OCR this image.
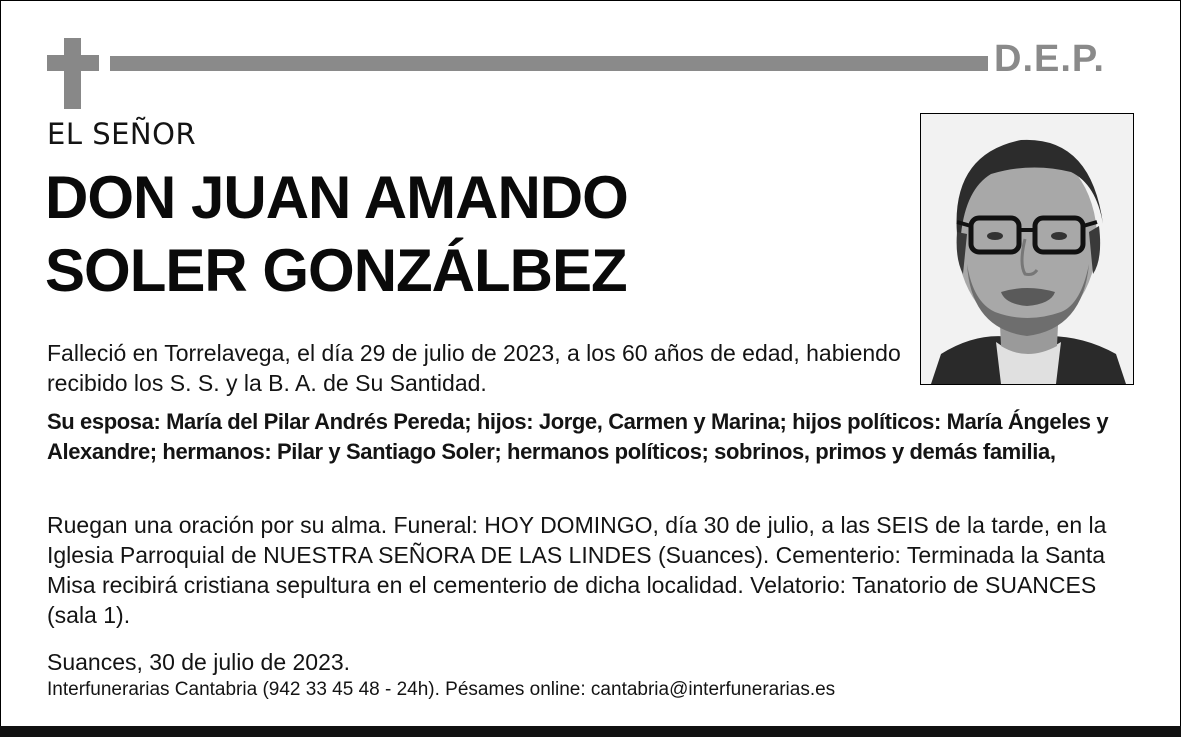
D.E.P.
EL SEÑOR
DON JUAN AMANDO
SOLER GONZÁLBEZ
Falleció en Torrelavega, el día 29 de julio de 2023, a los 60 años de edad, habiendo recibido los S. S. y la B. A. de Su Santidad.
Su esposa: María del Pilar Andrés Pereda; hijos: Jorge, Carmen y Marina; hijos políticos: María Ángeles y Alexandre; hermanos: Pilar y Santiago Soler; hermanos políticos; sobrinos, primos y demás familia,
Ruegan una oración por su alma. Funeral: HOY DOMINGO, día 30 de julio, a las SEIS de la tarde, en la Iglesia Parroquial de NUESTRA SEÑORA DE LAS LINDES (Suances). Cementerio: Terminada la Santa Misa recibirá cristiana sepultura en el cementerio de dicha localidad. Velatorio: Tanatorio de SUANCES (sala 1).
Suances, 30 de julio de 2023.
Interfunerarias Cantabria (942 33 45 48 - 24h). Pésames online: cantabria@interfunerarias.es
